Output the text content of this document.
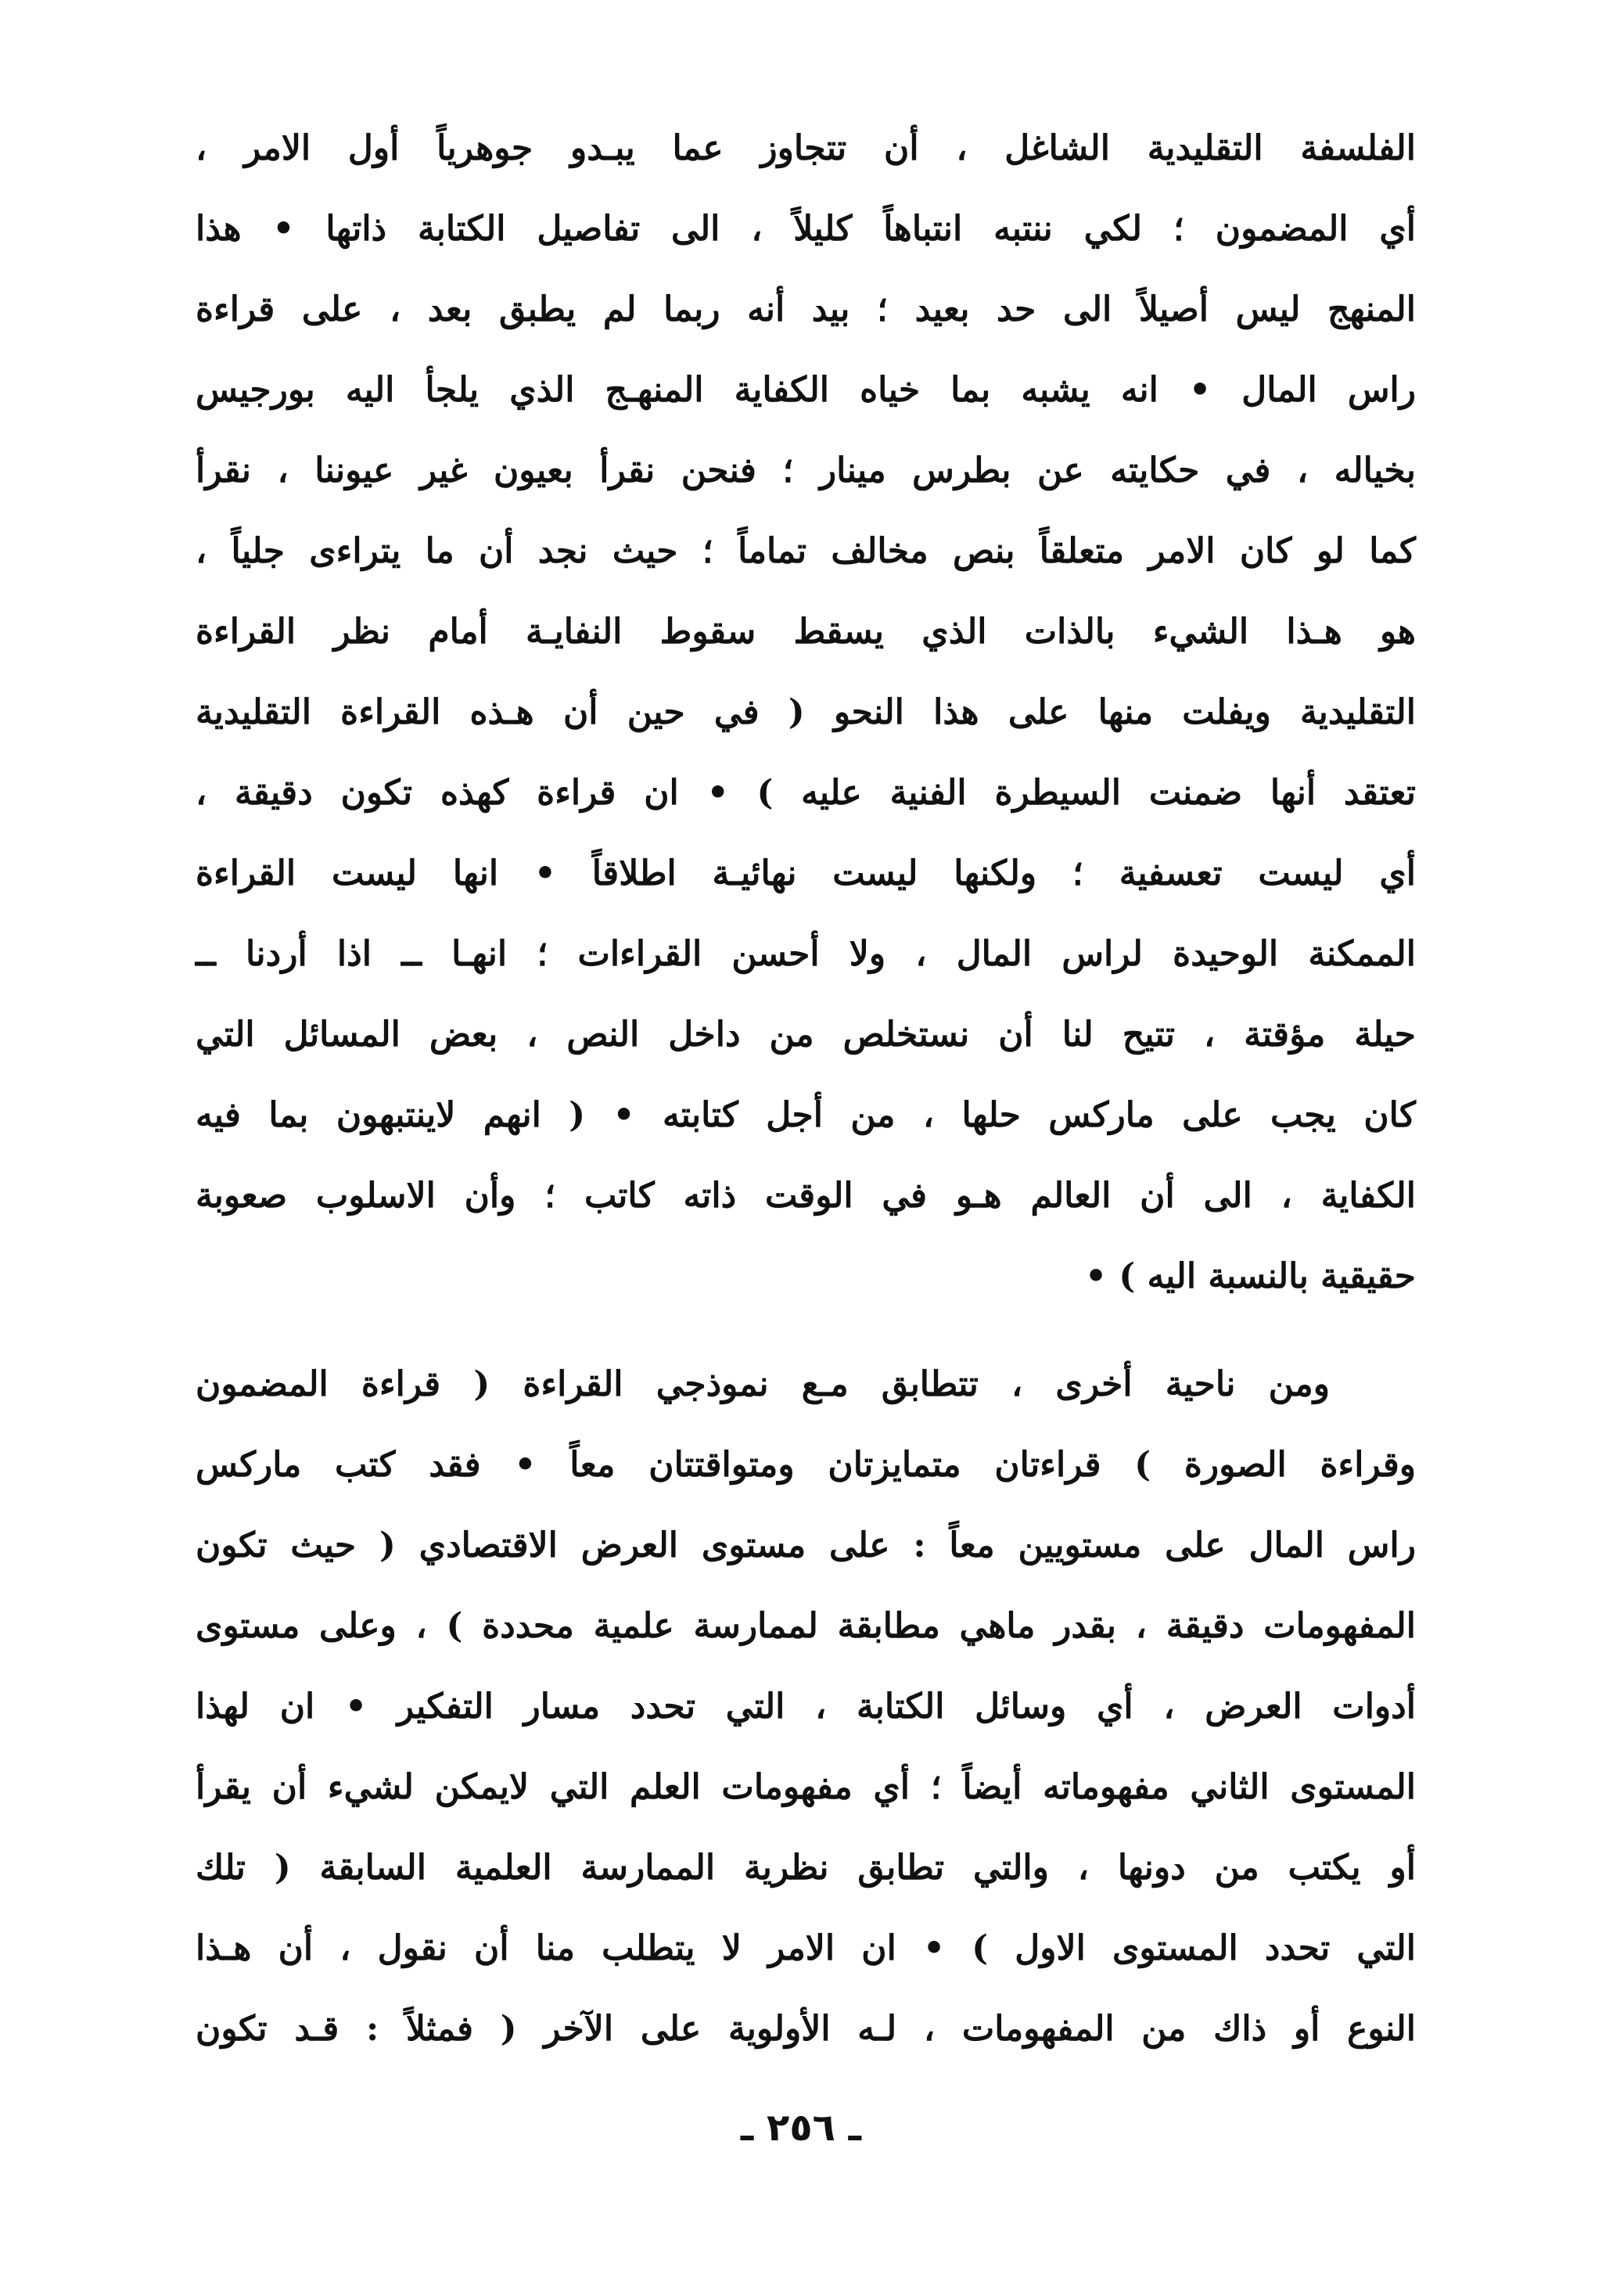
الفلسفة التقليدية الشاغل ، أن تتجاوز عما يبـدو جوهرياً أول الامر ،
أي المضمون ؛ لكي ننتبه انتباهاً كليلاً ، الى تفاصيل الكتابة ذاتها • هذا
المنهج ليس أصيلاً الى حد بعيد ؛ بيد أنه ربما لم يطبق بعد ، على قراءة
راس المال • انه يشبه بما خياه الكفاية المنهـج الذي يلجأ اليه بورجيس
بخياله ، في حكايته عن بطرس مينار ؛ فنحن نقرأ بعيون غير عيوننا ، نقرأ
كما لو كان الامر متعلقاً بنص مخالف تماماً ؛ حيث نجد أن ما يتراءى جلياً ،
هو هـذا الشيء بالذات الذي يسقط سقوط النفايـة أمام نظر القراءة
التقليدية ويفلت منها على هذا النحو ( في حين أن هـذه القراءة التقليدية
تعتقد أنها ضمنت السيطرة الفنية عليه ) • ان قراءة كهذه تكون دقيقة ،
أي ليست تعسفية ؛ ولكنها ليست نهائيـة اطلاقاً • انها ليست القراءة
الممكنة الوحيدة لراس المال ، ولا أحسن القراءات ؛ انهـا ــ اذا أردنا ــ
حيلة مؤقتة ، تتيح لنا أن نستخلص من داخل النص ، بعض المسائل التي
كان يجب على ماركس حلها ، من أجل كتابته • ( انهم لاينتبهون بما فيه
الكفاية ، الى أن العالم هـو في الوقت ذاته كاتب ؛ وأن الاسلوب صعوبة
حقيقية بالنسبة اليه ) •
ومن ناحية أخرى ، تتطابق مـع نموذجي القراءة ( قراءة المضمون
وقراءة الصورة ) قراءتان متمايزتان ومتواقتتان معاً • فقد كتب ماركس
راس المال على مستويين معاً : على مستوى العرض الاقتصادي ( حيث تكون
المفهومات دقيقة ، بقدر ماهي مطابقة لممارسة علمية محددة ) ، وعلى مستوى
أدوات العرض ، أي وسائل الكتابة ، التي تحدد مسار التفكير • ان لهذا
المستوى الثاني مفهوماته أيضاً ؛ أي مفهومات العلم التي لايمكن لشيء أن يقرأ
أو يكتب من دونها ، والتي تطابق نظرية الممارسة العلمية السابقة ( تلك
التي تحدد المستوى الاول ) • ان الامر لا يتطلب منا أن نقول ، أن هـذا
النوع أو ذاك من المفهومات ، لـه الأولوية على الآخر ( فمثلاً : قـد تكون
ـ ٢٥٦ ـ
